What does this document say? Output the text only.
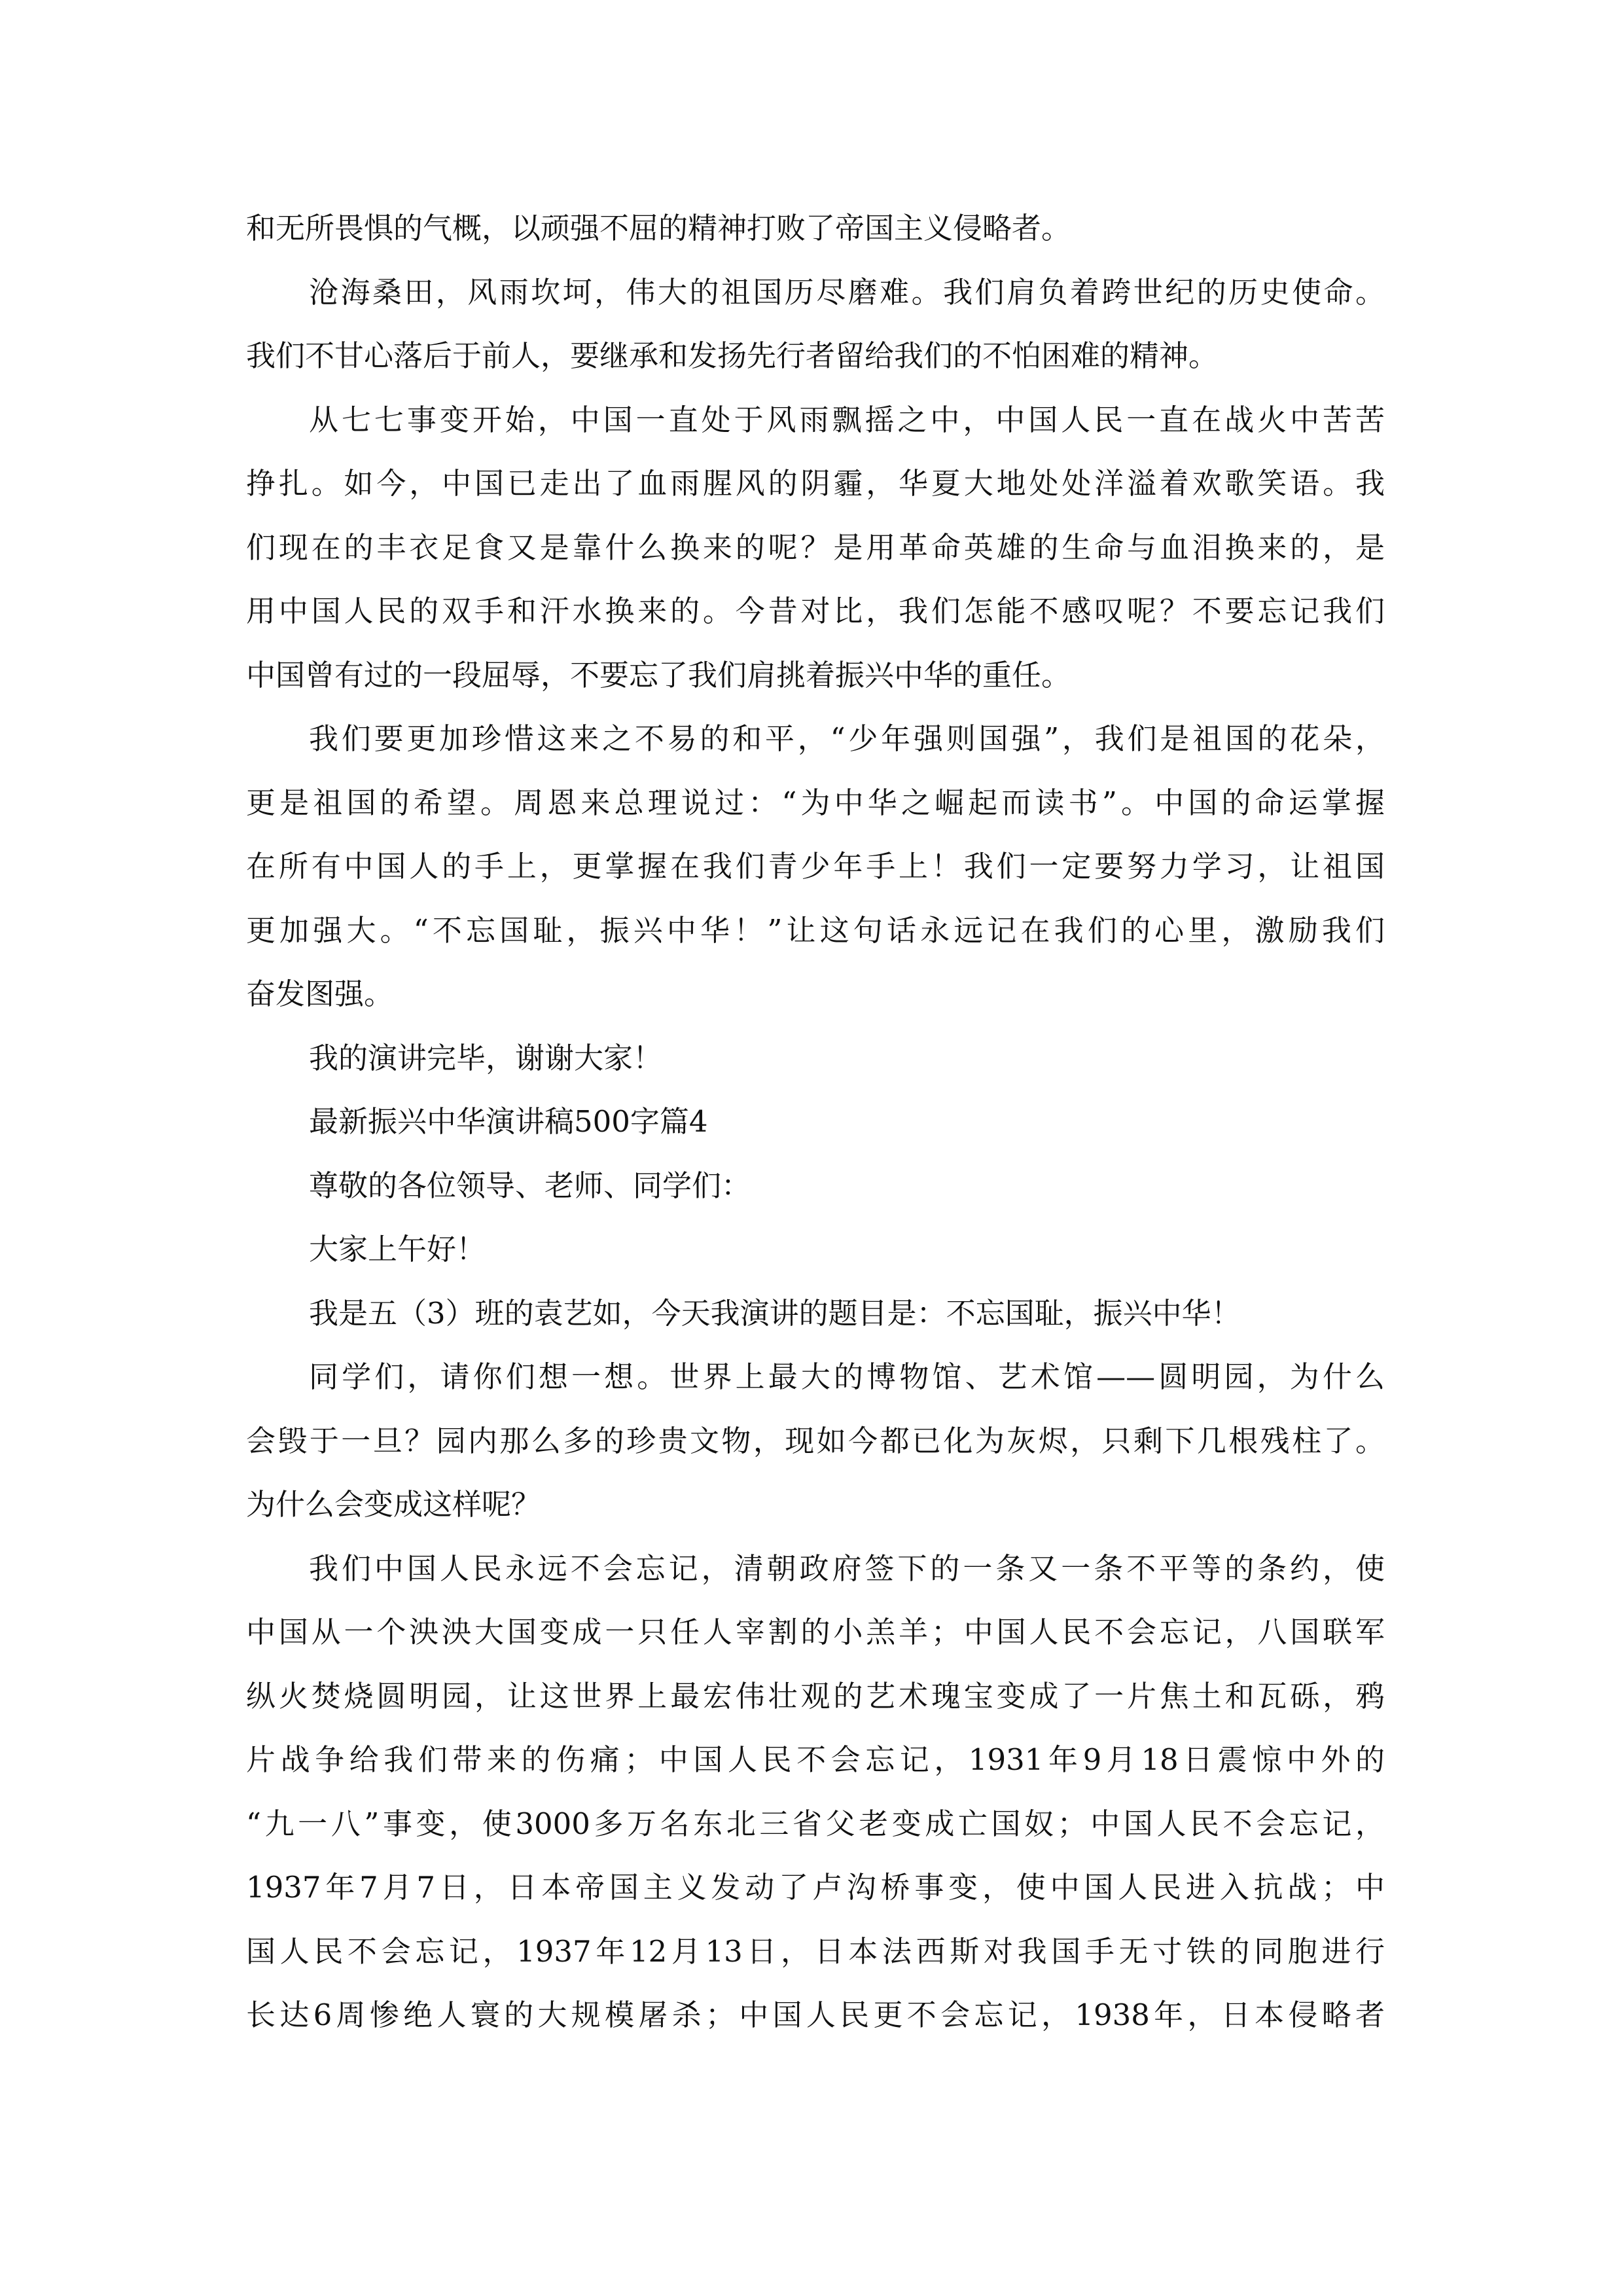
和无所畏惧的气概，以顽强不屈的精神打败了帝国主义侵略者。
沧海桑田，风雨坎坷，伟大的祖国历尽磨难。我们肩负着跨世纪的历史使命。
我们不甘心落后于前人，要继承和发扬先行者留给我们的不怕困难的精神。
从七七事变开始，中国一直处于风雨飘摇之中，中国人民一直在战火中苦苦
挣扎。如今，中国已走出了血雨腥风的阴霾，华夏大地处处洋溢着欢歌笑语。我
们现在的丰衣足食又是靠什么换来的呢？是用革命英雄的生命与血泪换来的，是
用中国人民的双手和汗水换来的。今昔对比，我们怎能不感叹呢？不要忘记我们
中国曾有过的一段屈辱，不要忘了我们肩挑着振兴中华的重任。
我们要更加珍惜这来之不易的和平，“少年强则国强”，我们是祖国的花朵，
更是祖国的希望。周恩来总理说过：“为中华之崛起而读书”。中国的命运掌握
在所有中国人的手上，更掌握在我们青少年手上！我们一定要努力学习，让祖国
更加强大。“不忘国耻，振兴中华！”让这句话永远记在我们的心里，激励我们
奋发图强。
我的演讲完毕，谢谢大家！
最新振兴中华演讲稿500字篇4
尊敬的各位领导、老师、同学们：
大家上午好！
我是五（3）班的袁艺如，今天我演讲的题目是：不忘国耻，振兴中华！
同学们，请你们想一想。世界上最大的博物馆、艺术馆——圆明园，为什么
会毁于一旦？园内那么多的珍贵文物，现如今都已化为灰烬，只剩下几根残柱了。
为什么会变成这样呢？
我们中国人民永远不会忘记，清朝政府签下的一条又一条不平等的条约，使
中国从一个泱泱大国变成一只任人宰割的小羔羊；中国人民不会忘记，八国联军
纵火焚烧圆明园，让这世界上最宏伟壮观的艺术瑰宝变成了一片焦土和瓦砾，鸦
片战争给我们带来的伤痛；中国人民不会忘记，1931年9月18日震惊中外的
“九一八”事变，使3000多万名东北三省父老变成亡国奴；中国人民不会忘记，
1937年7月7日，日本帝国主义发动了卢沟桥事变，使中国人民进入抗战；中
国人民不会忘记，1937年12月13日，日本法西斯对我国手无寸铁的同胞进行
长达6周惨绝人寰的大规模屠杀；中国人民更不会忘记，1938年，日本侵略者
